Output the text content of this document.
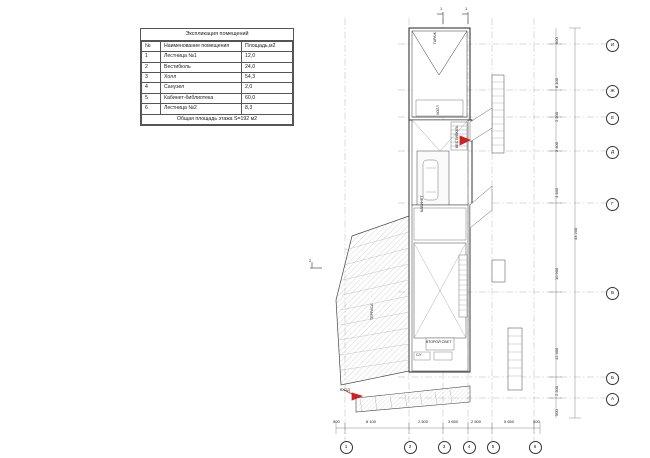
Экспликация помещений
№	Наименование помещения	Площадь,м2
1	Лестница №1	12,0
2	Вестибюль	24,0
3	Холл	54,3
4	Санузел	2,0
5	Кабинет-библиотека	60,0
6	Лестница №2	8,3
Общая площадь этажа S=192 м2		
И
Ж
Е
Д
Г
В
Б
А
1	2	3	4	5	6
500	8 100	2 500	3 650	2 500	5 650	500
500
8 100
2 200
2 400
4 440
10 900
12 400
2 200
500
43 200
1	1
2
ГАРАЖ
ХОЛЛ
ВЕСТИБЮЛЬ
КАБИНЕТ
ВТОРОЙ СВЕТ
С/У
ТЕРРАСА
ВХОД
